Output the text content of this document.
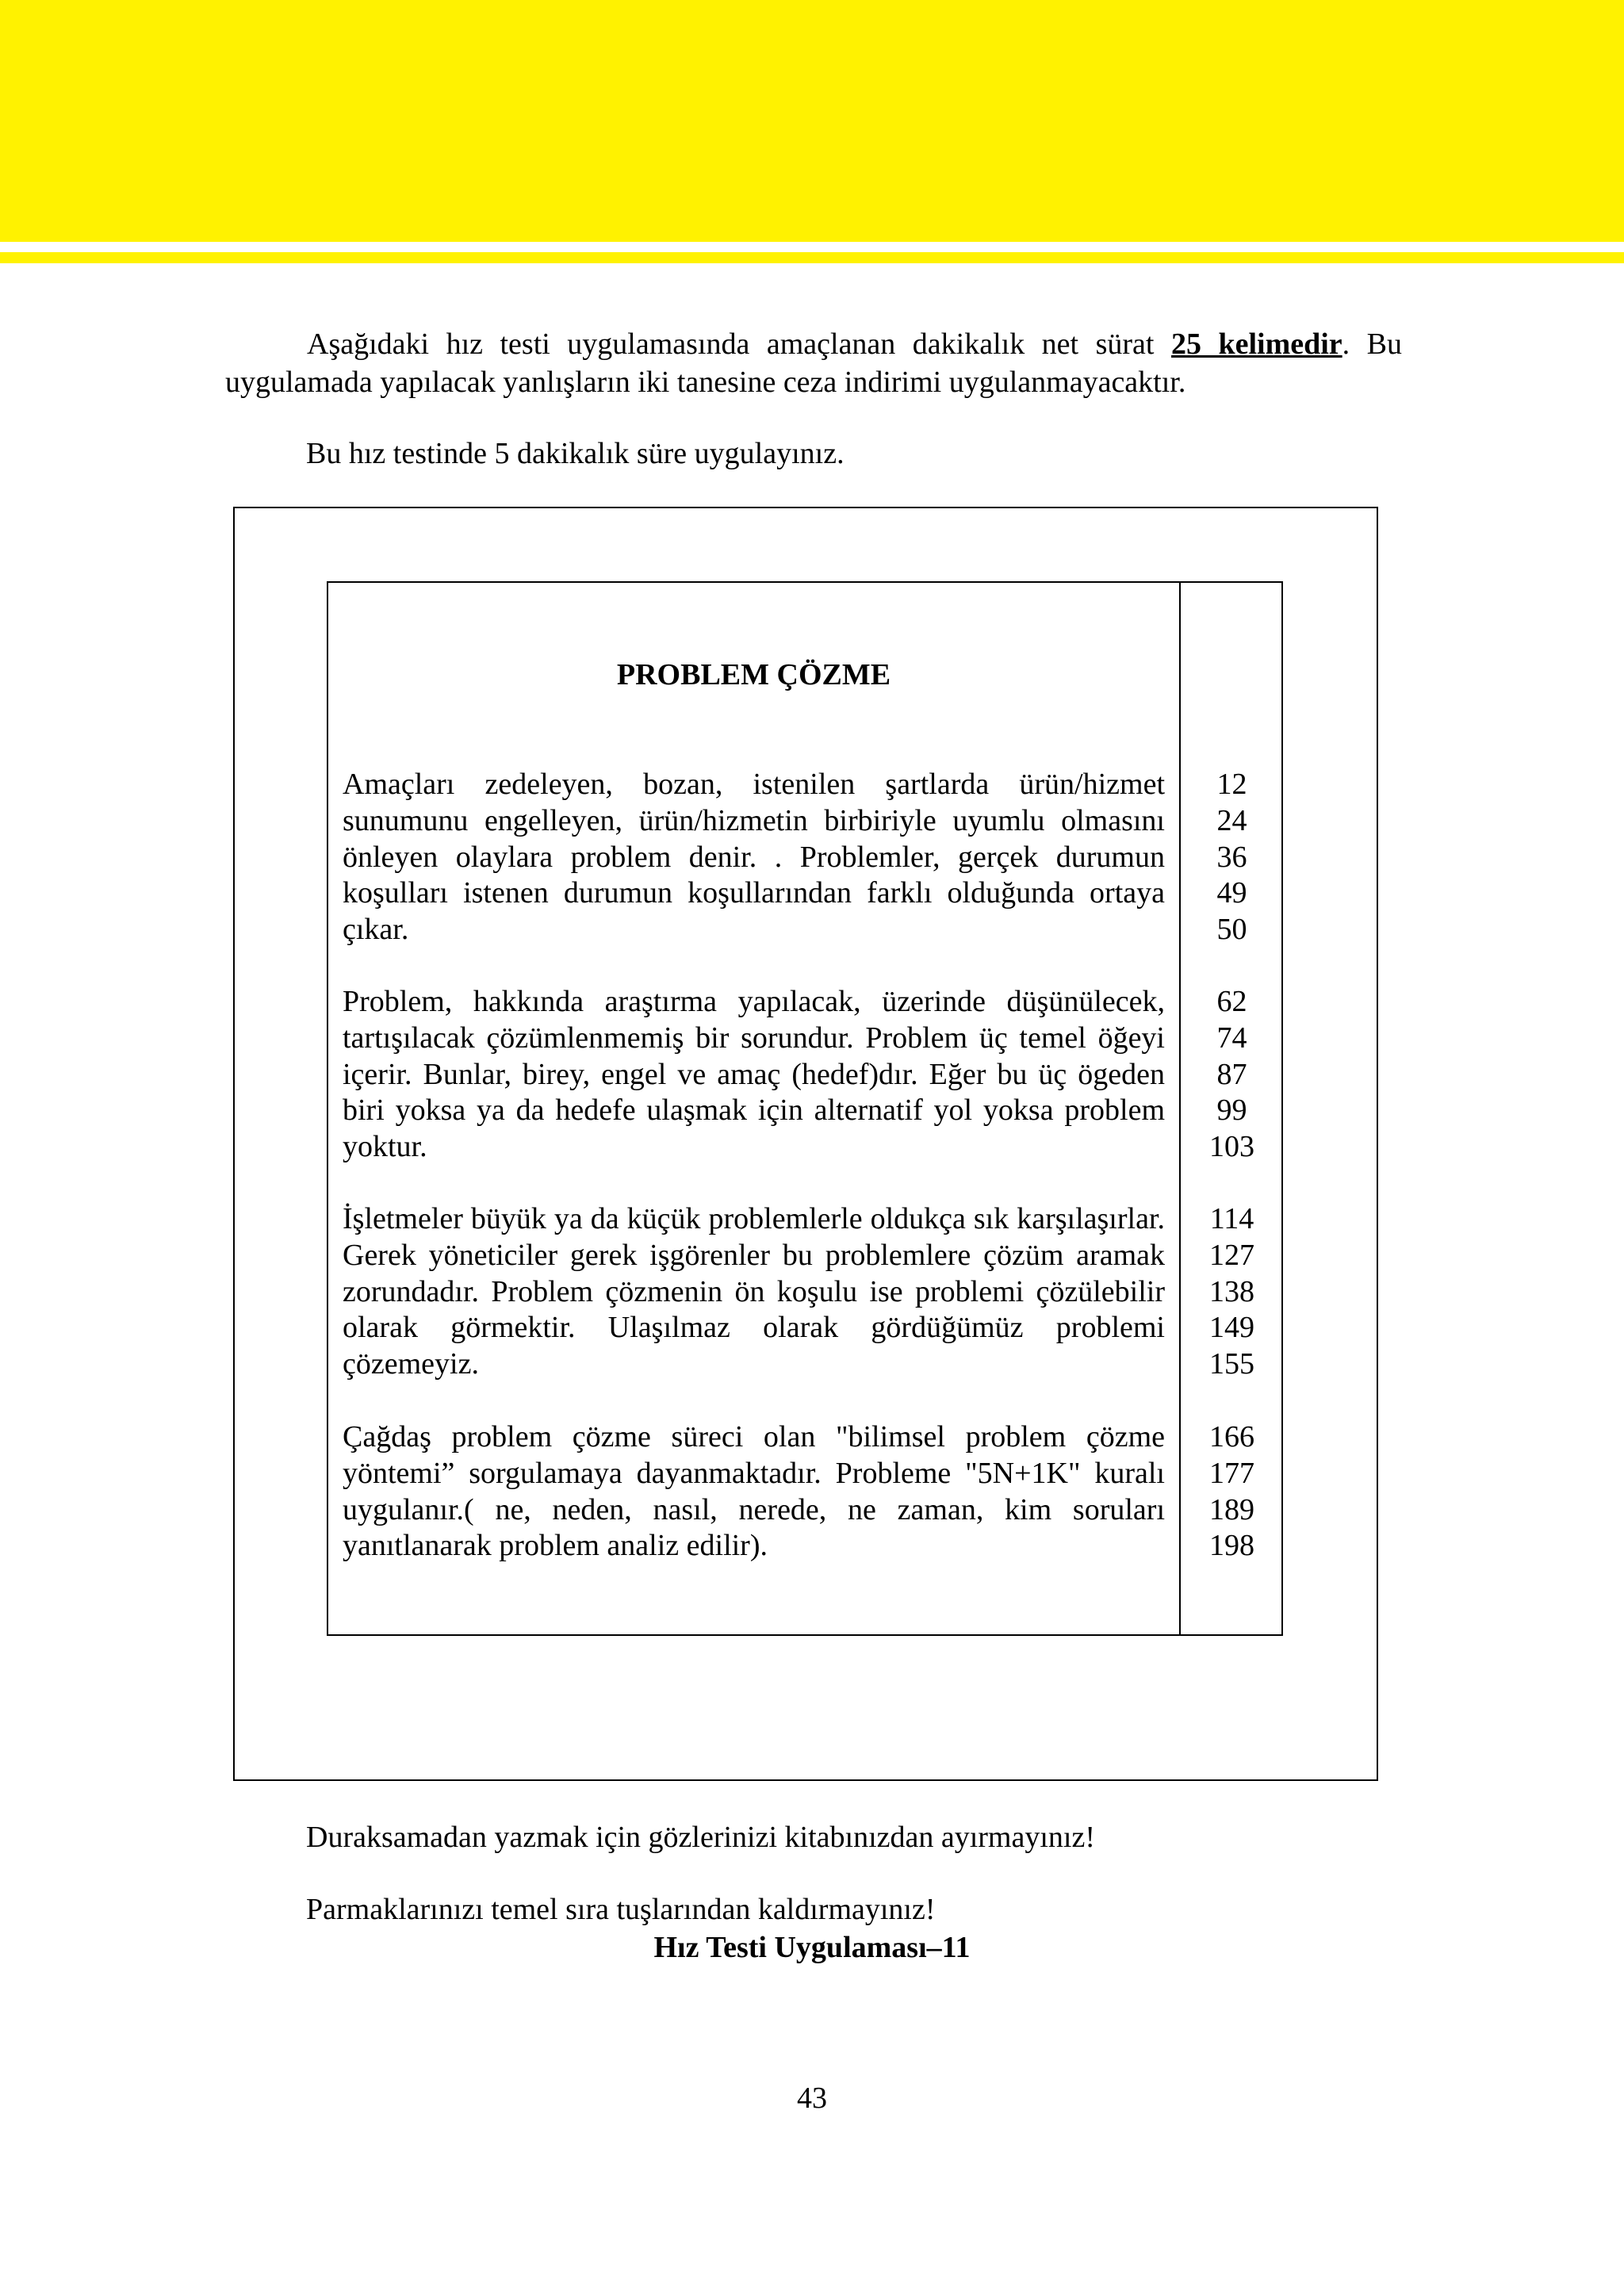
Aşağıdaki hız testi uygulamasında amaçlanan dakikalık net sürat 25 kelimedir. Bu uygulamada yapılacak yanlışların iki tanesine ceza indirimi uygulanmayacaktır.

Bu hız testinde 5 dakikalık süre uygulayınız.
PROBLEM ÇÖZME

Amaçları zedeleyen, bozan, istenilen şartlarda ürün/hizmet sunumunu engelleyen, ürün/hizmetin birbiriyle uyumlu olmasını önleyen olaylara problem denir. . Problemler, gerçek durumun koşulları istenen durumun koşullarından farklı olduğunda ortaya çıkar.

12
24
36
49
50

Problem, hakkında araştırma yapılacak, üzerinde düşünülecek, tartışılacak çözümlenmemiş bir sorundur. Problem üç temel öğeyi içerir. Bunlar, birey, engel ve amaç (hedef)dır. Eğer bu üç ögeden biri yoksa ya da hedefe ulaşmak için alternatif yol yoksa problem yoktur.

62
74
87
99
103

İşletmeler büyük ya da küçük problemlerle oldukça sık karşılaşırlar. Gerek yöneticiler gerek işgörenler bu problemlere çözüm aramak zorundadır. Problem çözmenin ön koşulu ise problemi çözülebilir olarak görmektir. Ulaşılmaz olarak gördüğümüz problemi çözemeyiz.

114
127
138
149
155

Çağdaş problem çözme süreci olan "bilimsel problem çözme yöntemi” sorgulamaya dayanmaktadır. Probleme "5N+1K" kuralı uygulanır.( ne, neden, nasıl, nerede, ne zaman, kim soruları yanıtlanarak problem analiz edilir).

166
177
189
198
Duraksamadan yazmak için gözlerinizi kitabınızdan ayırmayınız!
Parmaklarınızı temel sıra tuşlarından kaldırmayınız!
Hız Testi Uygulaması–11
43
